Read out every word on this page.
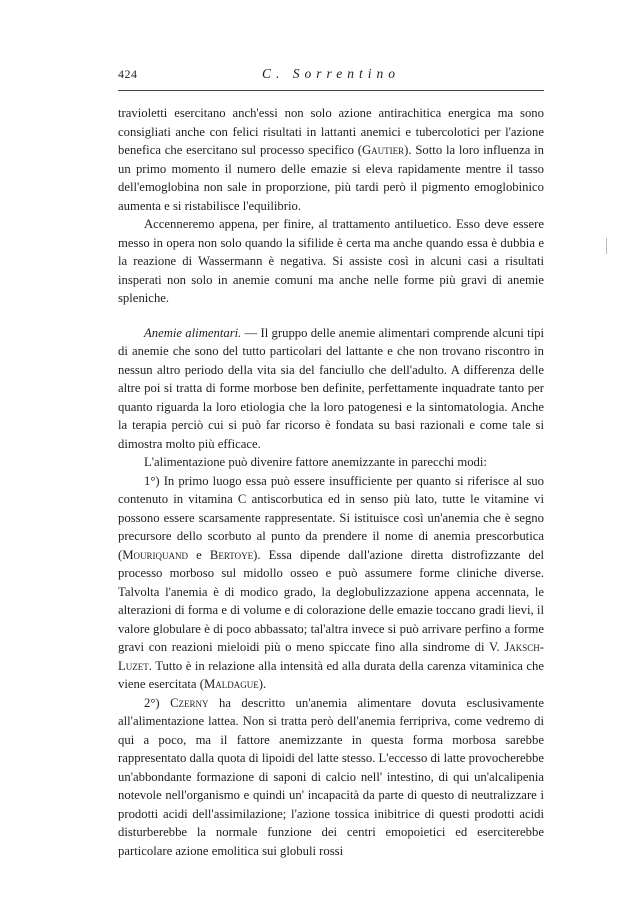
424	C. Sorrentino

travioletti esercitano anch'essi non solo azione antirachitica energica ma sono consigliati anche con felici risultati in lattanti anemici e tubercolotici per l'azione benefica che esercitano sul processo specifico (Gautier). Sotto la loro influenza in un primo momento il numero delle emazie si eleva rapidamente mentre il tasso dell'emoglobina non sale in proporzione, più tardi però il pigmento emoglobinico aumenta e si ristabilisce l'equilibrio.

Accenneremo appena, per finire, al trattamento antiluetico. Esso deve essere messo in opera non solo quando la sifilide è certa ma anche quando essa è dubbia e la reazione di Wassermann è negativa. Si assiste così in alcuni casi a risultati insperati non solo in anemie comuni ma anche nelle forme più gravi di anemie spleniche.

Anemie alimentari. — Il gruppo delle anemie alimentari comprende alcuni tipi di anemie che sono del tutto particolari del lattante e che non trovano riscontro in nessun altro periodo della vita sia del fanciullo che dell'adulto. A differenza delle altre poi si tratta di forme morbose ben definite, perfettamente inquadrate tanto per quanto riguarda la loro etiologia che la loro patogenesi e la sintomatologia. Anche la terapia perciò cui si può far ricorso è fondata su basi razionali e come tale si dimostra molto più efficace.

L'alimentazione può divenire fattore anemizzante in parecchi modi:

1°) In primo luogo essa può essere insufficiente per quanto si riferisce al suo contenuto in vitamina C antiscorbutica ed in senso più lato, tutte le vitamine vi possono essere scarsamente rappresentate. Si istituisce così un'anemia che è segno precursore dello scorbuto al punto da prendere il nome di anemia prescorbutica (Mouriquand e Bertoye). Essa dipende dall'azione diretta distrofizzante del processo morboso sul midollo osseo e può assumere forme cliniche diverse. Talvolta l'anemia è di modico grado, la deglobulizzazione appena accennata, le alterazioni di forma e di volume e di colorazione delle emazie toccano gradi lievi, il valore globulare è di poco abbassato; tal'altra invece si può arrivare perfino a forme gravi con reazioni mieloidi più o meno spiccate fino alla sindrome di V. Jaksch-Luzet. Tutto è in relazione alla intensità ed alla durata della carenza vitaminica che viene esercitata (Maldague).

2°) Czerny ha descritto un'anemia alimentare dovuta esclusivamente all'alimentazione lattea. Non si tratta però dell'anemia ferripriva, come vedremo di qui a poco, ma il fattore anemizzante in questa forma morbosa sarebbe rappresentato dalla quota di lipoidi del latte stesso. L'eccesso di latte provocherebbe un'abbondante formazione di saponi di calcio nell' intestino, di qui un'alcalipenia notevole nell'organismo e quindi un' incapacità da parte di questo di neutralizzare i prodotti acidi dell'assimilazione; l'azione tossica inibitrice di questi prodotti acidi disturberebbe la normale funzione dei centri emopoietici ed eserciterebbe particolare azione emolitica sui globuli rossi
